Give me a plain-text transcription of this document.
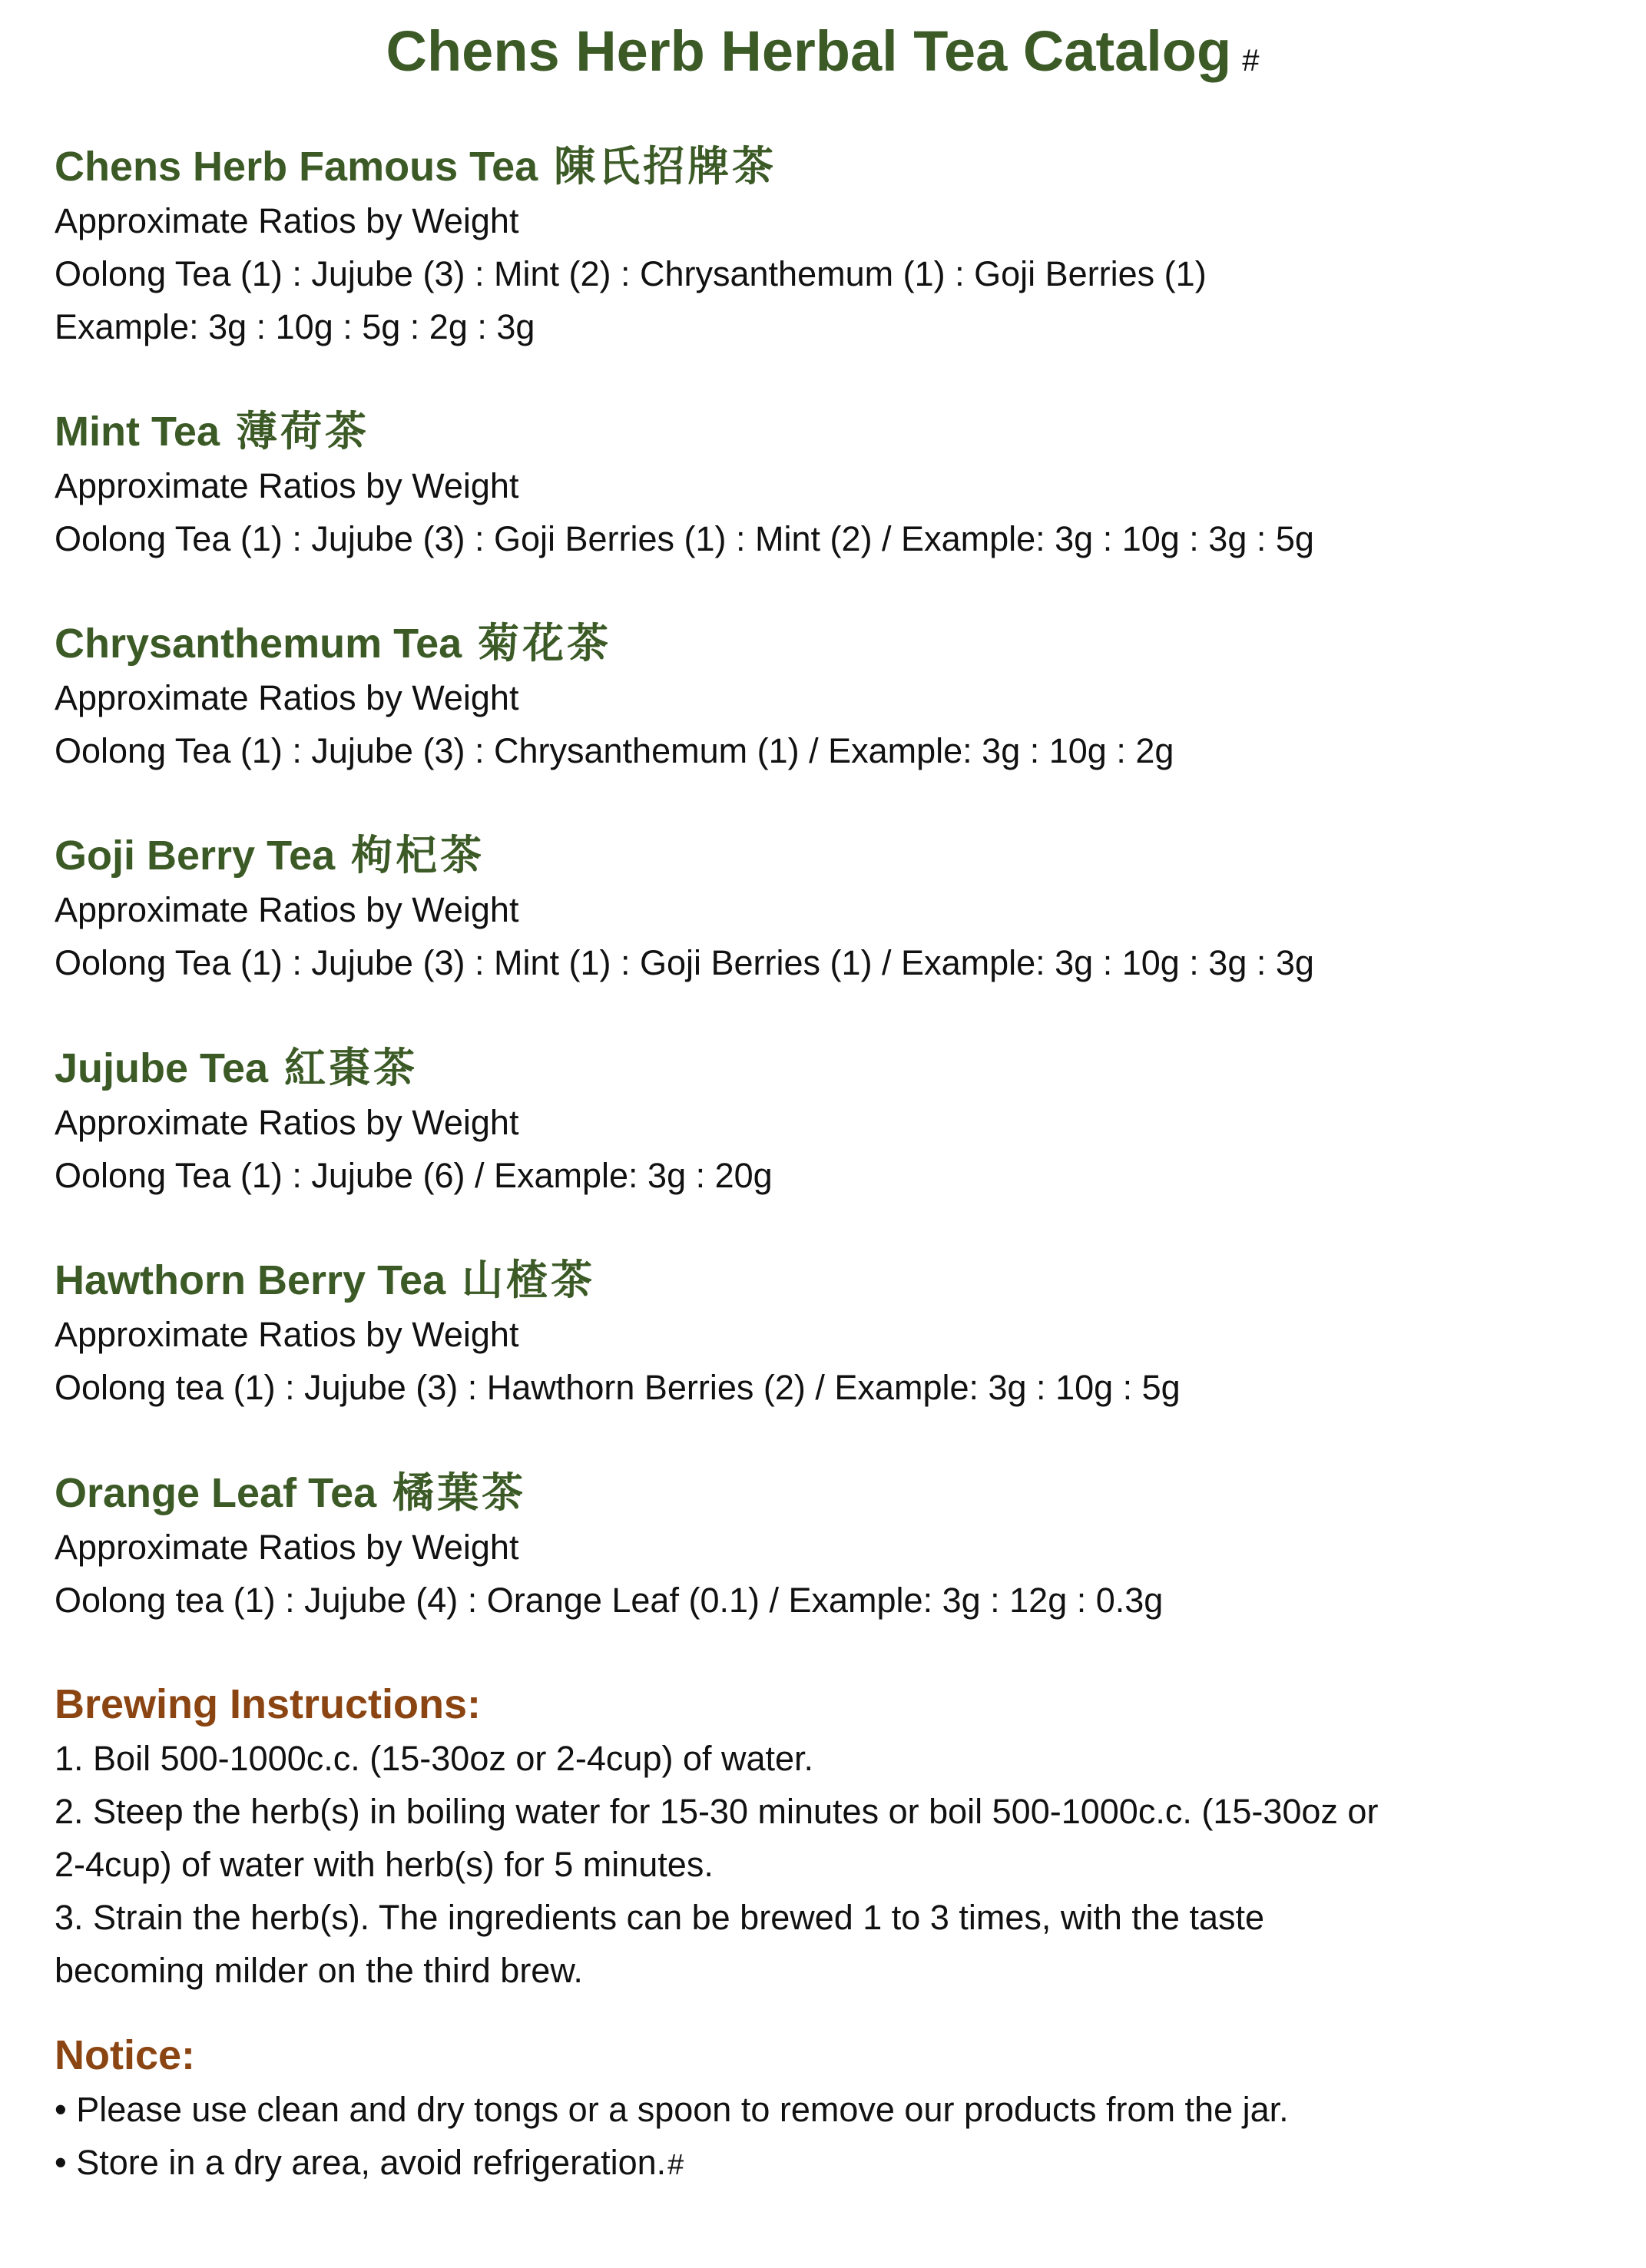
Chens Herb Herbal Tea Catalog #
Chens Herb Famous Tea 陳氏招牌茶
Approximate Ratios by Weight
Oolong Tea (1) : Jujube (3) : Mint (2) : Chrysanthemum (1) : Goji Berries (1)
Example: 3g : 10g : 5g : 2g : 3g
Mint Tea 薄荷茶
Approximate Ratios by Weight
Oolong Tea (1) : Jujube (3) : Goji Berries (1) : Mint (2) / Example: 3g : 10g : 3g : 5g
Chrysanthemum Tea 菊花茶
Approximate Ratios by Weight
Oolong Tea (1) : Jujube (3) : Chrysanthemum (1) / Example: 3g : 10g : 2g
Goji Berry Tea 枸杞茶
Approximate Ratios by Weight
Oolong Tea (1) : Jujube (3) : Mint (1) : Goji Berries (1) / Example: 3g : 10g : 3g : 3g
Jujube Tea 紅棗茶
Approximate Ratios by Weight
Oolong Tea (1) : Jujube (6) / Example: 3g : 20g
Hawthorn Berry Tea 山楂茶
Approximate Ratios by Weight
Oolong tea (1) : Jujube (3) : Hawthorn Berries (2) / Example: 3g : 10g : 5g
Orange Leaf Tea 橘葉茶
Approximate Ratios by Weight
Oolong tea (1) : Jujube (4) : Orange Leaf (0.1) / Example: 3g : 12g : 0.3g
Brewing Instructions:
1. Boil 500-1000c.c. (15-30oz or 2-4cup) of water.
2. Steep the herb(s) in boiling water for 15-30 minutes or boil 500-1000c.c. (15-30oz or
2-4cup) of water with herb(s) for 5 minutes.
3. Strain the herb(s). The ingredients can be brewed 1 to 3 times, with the taste
becoming milder on the third brew.
Notice:
• Please use clean and dry tongs or a spoon to remove our products from the jar.
• Store in a dry area, avoid refrigeration.#
